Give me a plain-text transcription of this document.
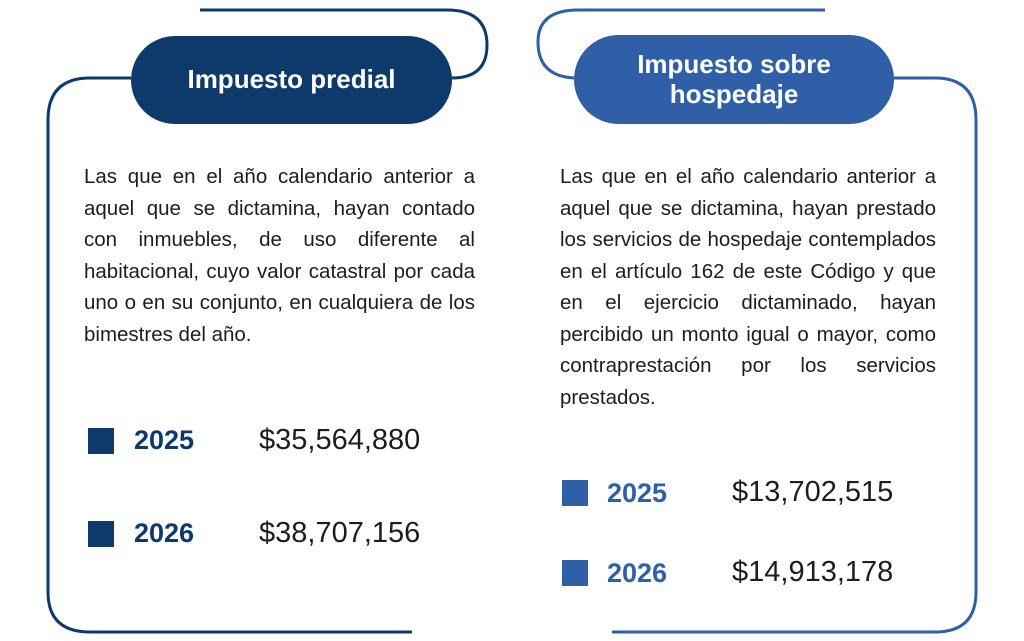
Impuesto predial

Las que en el año calendario anterior a aquel que se dictamina, hayan contado con inmuebles, de uso diferente al habitacional, cuyo valor catastral por cada uno o en su conjunto, en cualquiera de los bimestres del año.

2025 $35,564,880
2026 $38,707,156
Impuesto sobre
hospedaje

Las que en el año calendario anterior a aquel que se dictamina, hayan prestado los servicios de hospedaje contemplados en el artículo 162 de este Código y que en el ejercicio dictaminado, hayan percibido un monto igual o mayor, como contraprestación por los servicios prestados.

2025 $13,702,515
2026 $14,913,178
